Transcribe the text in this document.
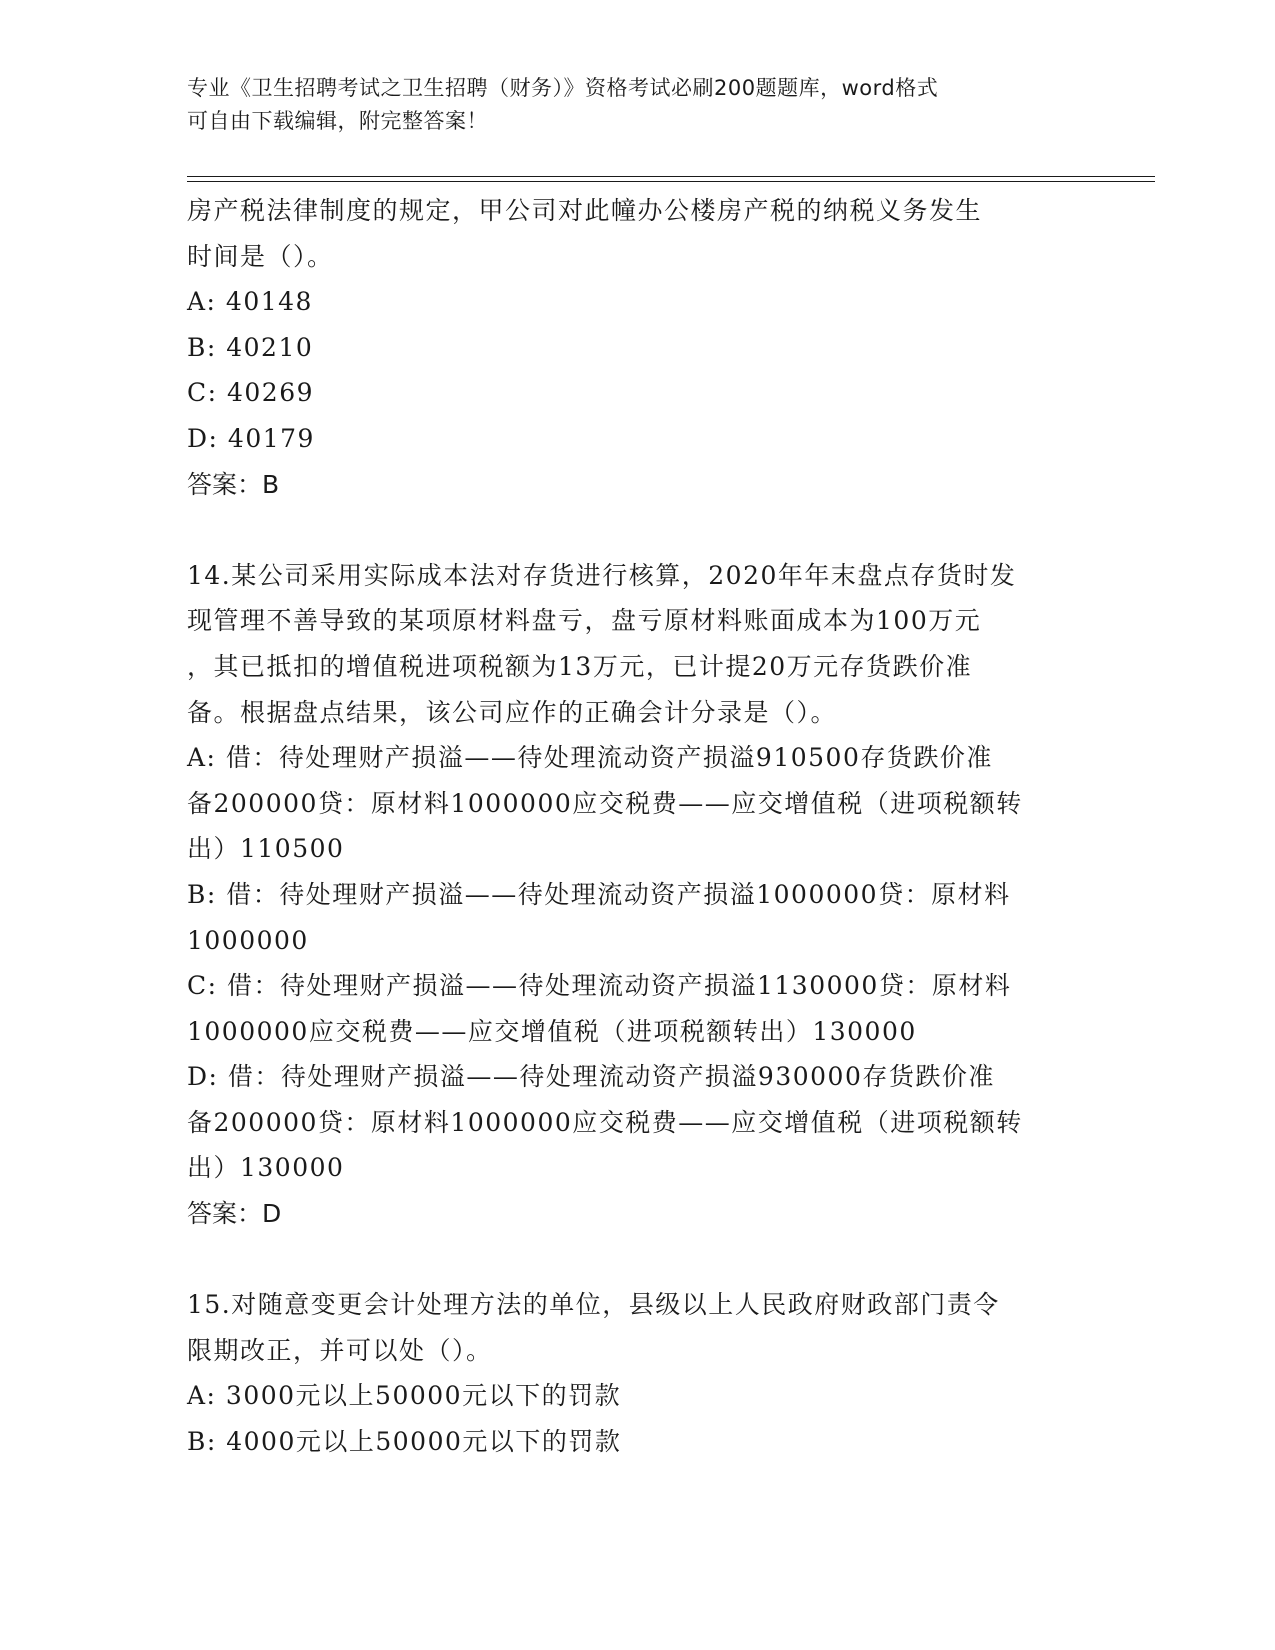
专业《卫生招聘考试之卫生招聘（财务）》资格考试必刷200题题库，word格式
可自由下载编辑，附完整答案！
房产税法律制度的规定，甲公司对此幢办公楼房产税的纳税义务发生
时间是（）。
A: 40148
B: 40210
C: 40269
D: 40179
答案：B
14.某公司采用实际成本法对存货进行核算，2020年年末盘点存货时发
现管理不善导致的某项原材料盘亏，盘亏原材料账面成本为100万元
，其已抵扣的增值税进项税额为13万元，已计提20万元存货跌价准
备。根据盘点结果，该公司应作的正确会计分录是（）。
A: 借：待处理财产损溢——待处理流动资产损溢910500存货跌价准
备200000贷：原材料1000000应交税费——应交增值税（进项税额转
出）110500
B: 借：待处理财产损溢——待处理流动资产损溢1000000贷：原材料
1000000
C: 借：待处理财产损溢——待处理流动资产损溢1130000贷：原材料
1000000应交税费——应交增值税（进项税额转出）130000
D: 借：待处理财产损溢——待处理流动资产损溢930000存货跌价准
备200000贷：原材料1000000应交税费——应交增值税（进项税额转
出）130000
答案：D
15.对随意变更会计处理方法的单位，县级以上人民政府财政部门责令
限期改正，并可以处（）。
A: 3000元以上50000元以下的罚款
B: 4000元以上50000元以下的罚款
